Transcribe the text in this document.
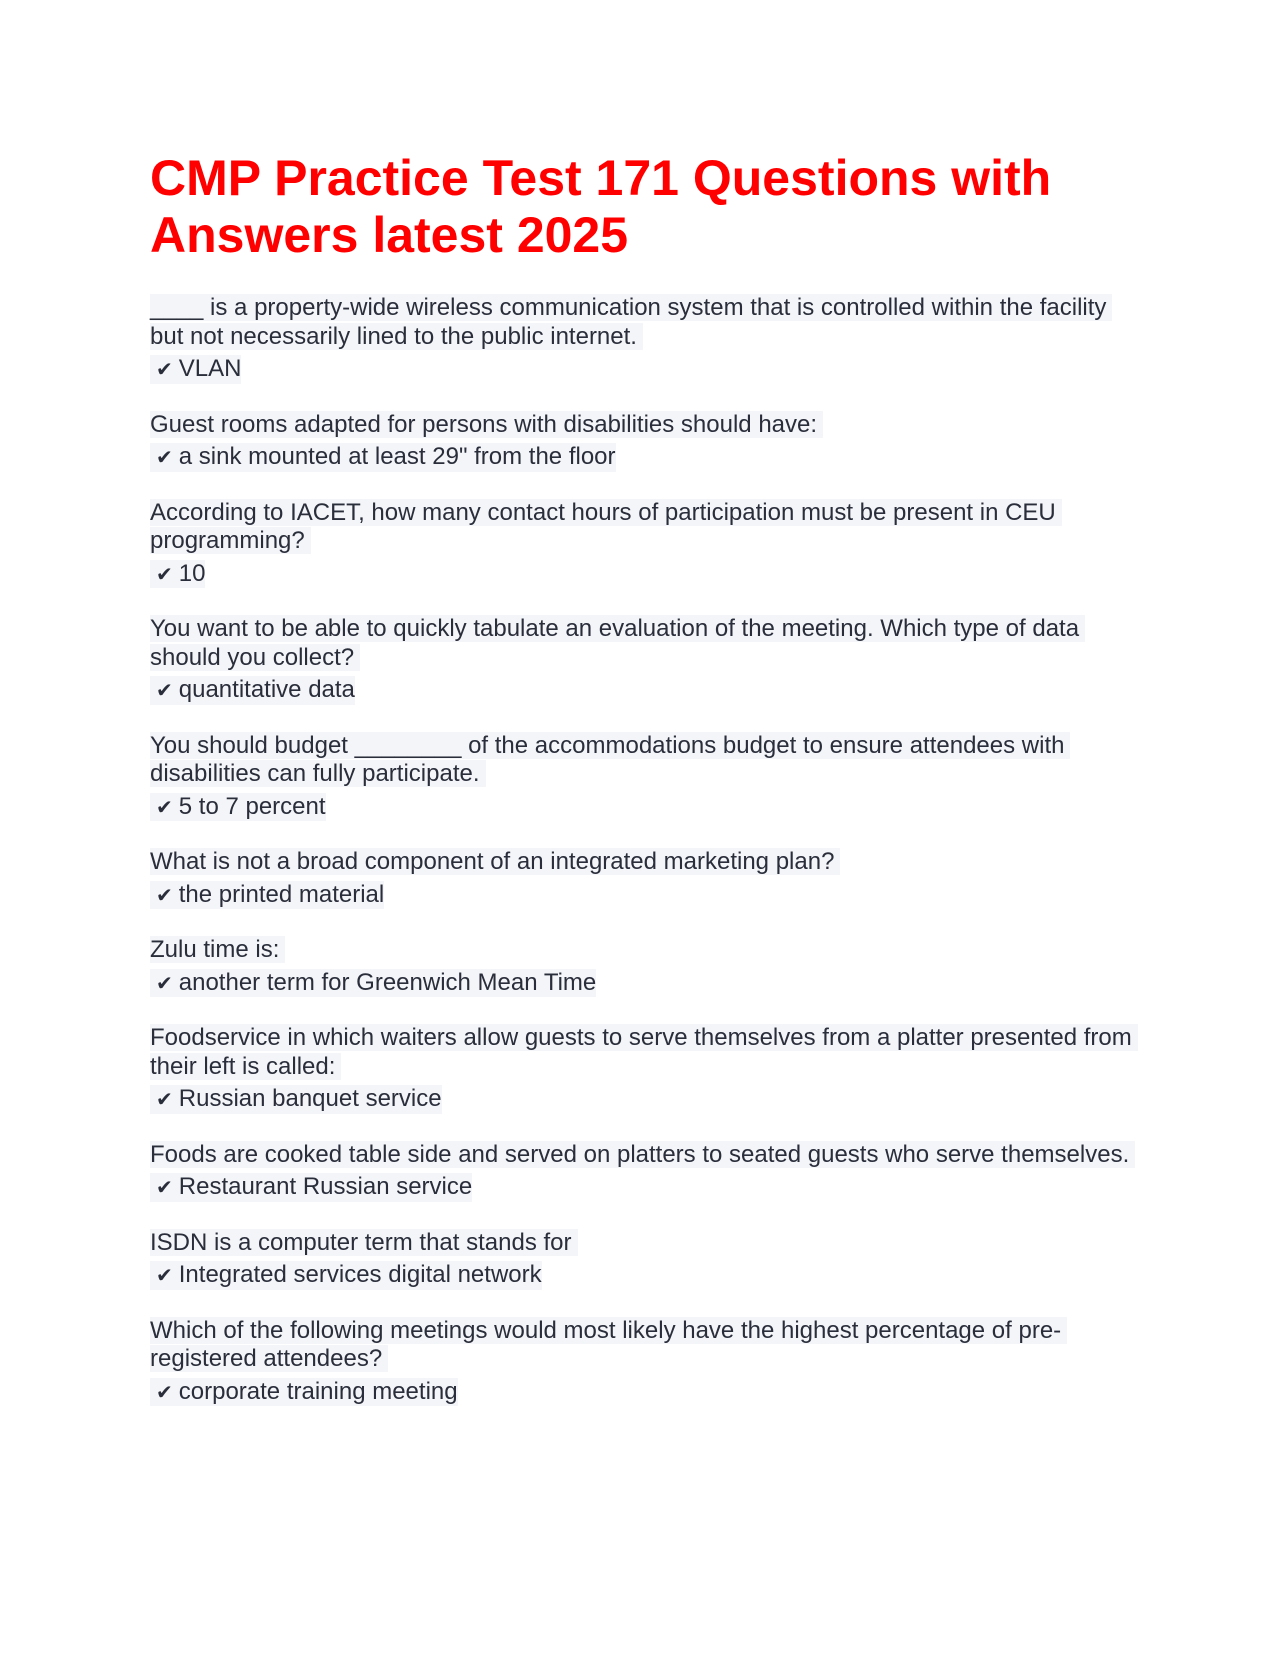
CMP Practice Test 171 Questions with Answers latest 2025

____ is a property-wide wireless communication system that is controlled within the facility but not necessarily lined to the public internet.

✔ VLAN

Guest rooms adapted for persons with disabilities should have:

✔ a sink mounted at least 29" from the floor

According to IACET, how many contact hours of participation must be present in CEU programming?

✔ 10

You want to be able to quickly tabulate an evaluation of the meeting. Which type of data should you collect?

✔ quantitative data

You should budget ________ of the accommodations budget to ensure attendees with disabilities can fully participate.

✔ 5 to 7 percent

What is not a broad component of an integrated marketing plan?

✔ the printed material

Zulu time is:

✔ another term for Greenwich Mean Time

Foodservice in which waiters allow guests to serve themselves from a platter presented from their left is called:

✔ Russian banquet service

Foods are cooked table side and served on platters to seated guests who serve themselves.

✔ Restaurant Russian service

ISDN is a computer term that stands for

✔ Integrated services digital network

Which of the following meetings would most likely have the highest percentage of pre-registered attendees?

✔ corporate training meeting
